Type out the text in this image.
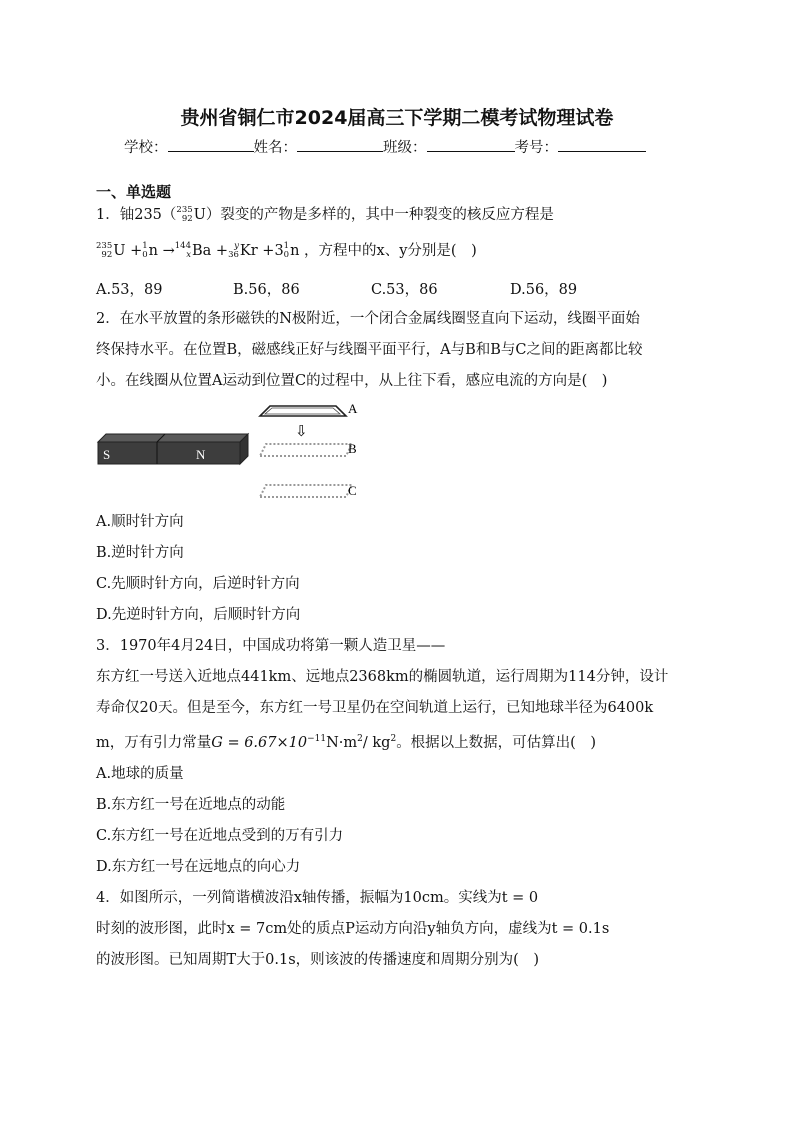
贵州省铜仁市2024届高三下学期二模考试物理试卷
学校：	姓名：	班级：	考号：
一、单选题
1．铀235（ 235
92 U）裂变的产物是多样的，其中一种裂变的核反应方程是
235
92 U + 1
0 n → 144
x Ba + y
36 Kr +3 1
0 n ，方程中的x、y分别是(　)
A.53，89	B.56，86	C.53，86	D.56，89
2．在水平放置的条形磁铁的N极附近，一个闭合金属线圈竖直向下运动，线圈平面始
终保持水平。在位置B，磁感线正好与线圈平面平行，A与B和B与C之间的距离都比较
小。在线圈从位置A运动到位置C的过程中，从上往下看，感应电流的方向是(　)
S	N
A
⇩
B
C
A.顺时针方向
B.逆时针方向
C.先顺时针方向，后逆时针方向
D.先逆时针方向，后顺时针方向
3．1970年4月24日，中国成功将第一颗人造卫星——
东方红一号送入近地点441km、远地点2368km的椭圆轨道，运行周期为114分钟，设计
寿命仅20天。但是至今，东方红一号卫星仍在空间轨道上运行，已知地球半径为6400k
m，万有引力常量$G = 6.67\times 10^{-11}N\cdot m^2/$ $kg^2$。根据以上数据，可估算出(　)
A.地球的质量
B.东方红一号在近地点的动能
C.东方红一号在近地点受到的万有引力
D.东方红一号在远地点的向心力
4．如图所示，一列简谐横波沿x轴传播，振幅为10cm。实线为t = 0
时刻的波形图，此时x = 7cm处的质点P运动方向沿y轴负方向，虚线为t = 0.1s
的波形图。已知周期T大于0.1s，则该波的传播速度和周期分别为(　)
